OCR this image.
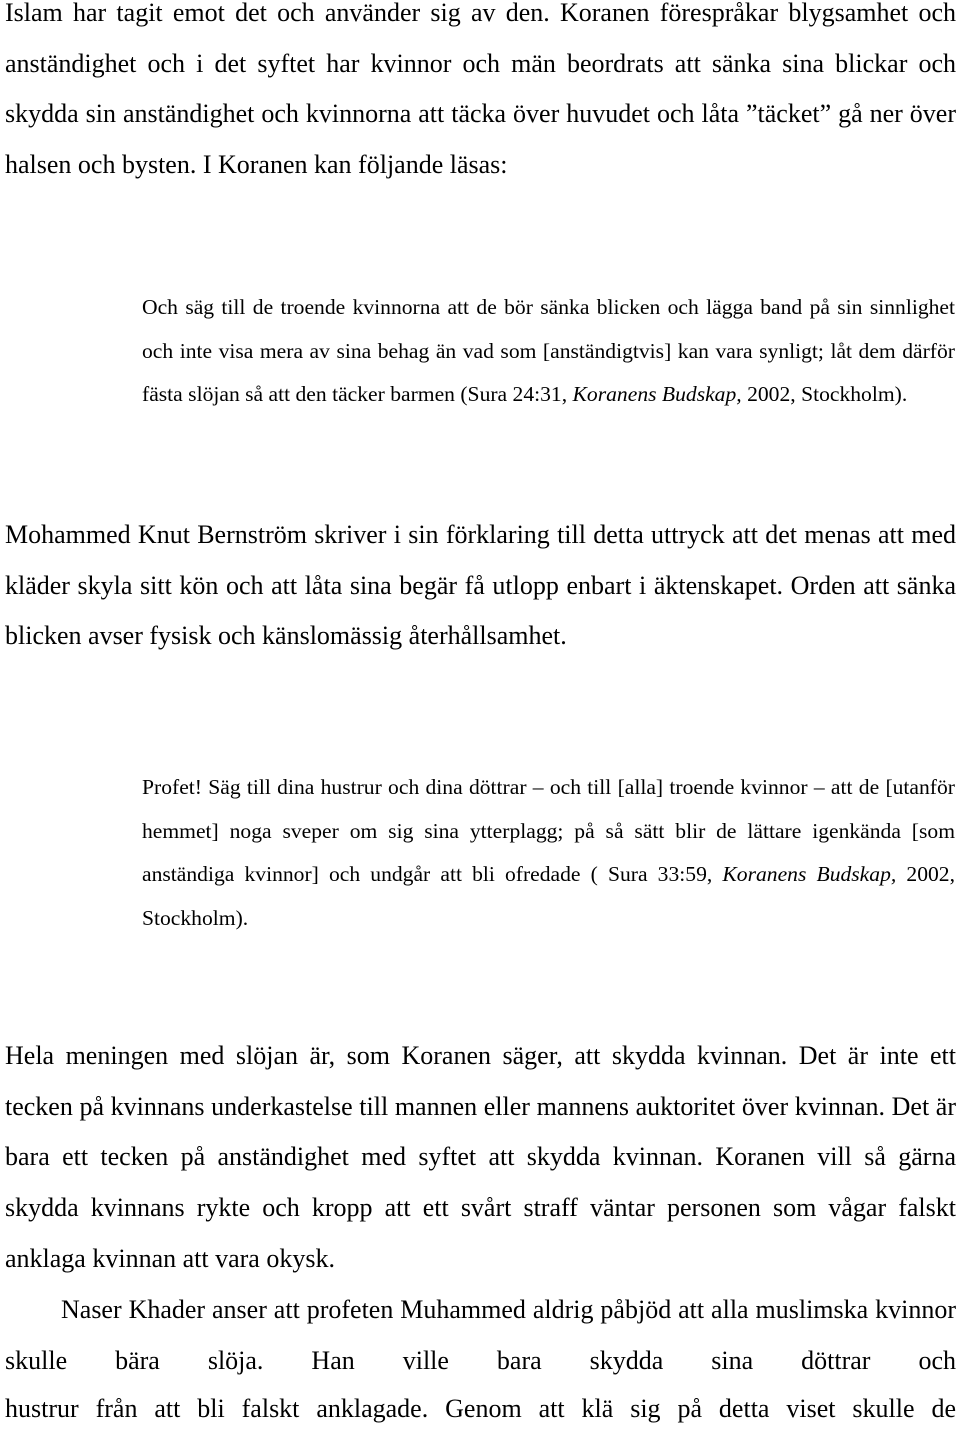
Islam har tagit emot det och använder sig av den. Koranen förespråkar blygsamhet och anständighet och i det syftet har kvinnor och män beordrats att sänka sina blickar och skydda sin anständighet och kvinnorna att täcka över huvudet och låta ”täcket” gå ner över halsen och bysten. I Koranen kan följande läsas:

Och säg till de troende kvinnorna att de bör sänka blicken och lägga band på sin sinnlighet och inte visa mera av sina behag än vad som [anständigtvis] kan vara synligt; låt dem därför fästa slöjan så att den täcker barmen (Sura 24:31, Koranens Budskap, 2002, Stockholm).

Mohammed Knut Bernström skriver i sin förklaring till detta uttryck att det menas att med kläder skyla sitt kön och att låta sina begär få utlopp enbart i äktenskapet. Orden att sänka blicken avser fysisk och känslomässig återhållsamhet.

Profet! Säg till dina hustrur och dina döttrar – och till [alla] troende kvinnor – att de [utanför hemmet] noga sveper om sig sina ytterplagg; på så sätt blir de lättare igenkända [som anständiga kvinnor] och undgår att bli ofredade ( Sura 33:59, Koranens Budskap, 2002, Stockholm).

Hela meningen med slöjan är, som Koranen säger, att skydda kvinnan. Det är inte ett tecken på kvinnans underkastelse till mannen eller mannens auktoritet över kvinnan. Det är bara ett tecken på anständighet med syftet att skydda kvinnan. Koranen vill så gärna skydda kvinnans rykte och kropp att ett svårt straff väntar personen som vågar falskt anklaga kvinnan att vara okysk.

Naser Khader anser att profeten Muhammed aldrig påbjöd att alla muslimska kvinnor skulle bära slöja. Han ville bara skydda sina döttrar och

hustrur från att bli falskt anklagade. Genom att klä sig på detta viset skulle de
